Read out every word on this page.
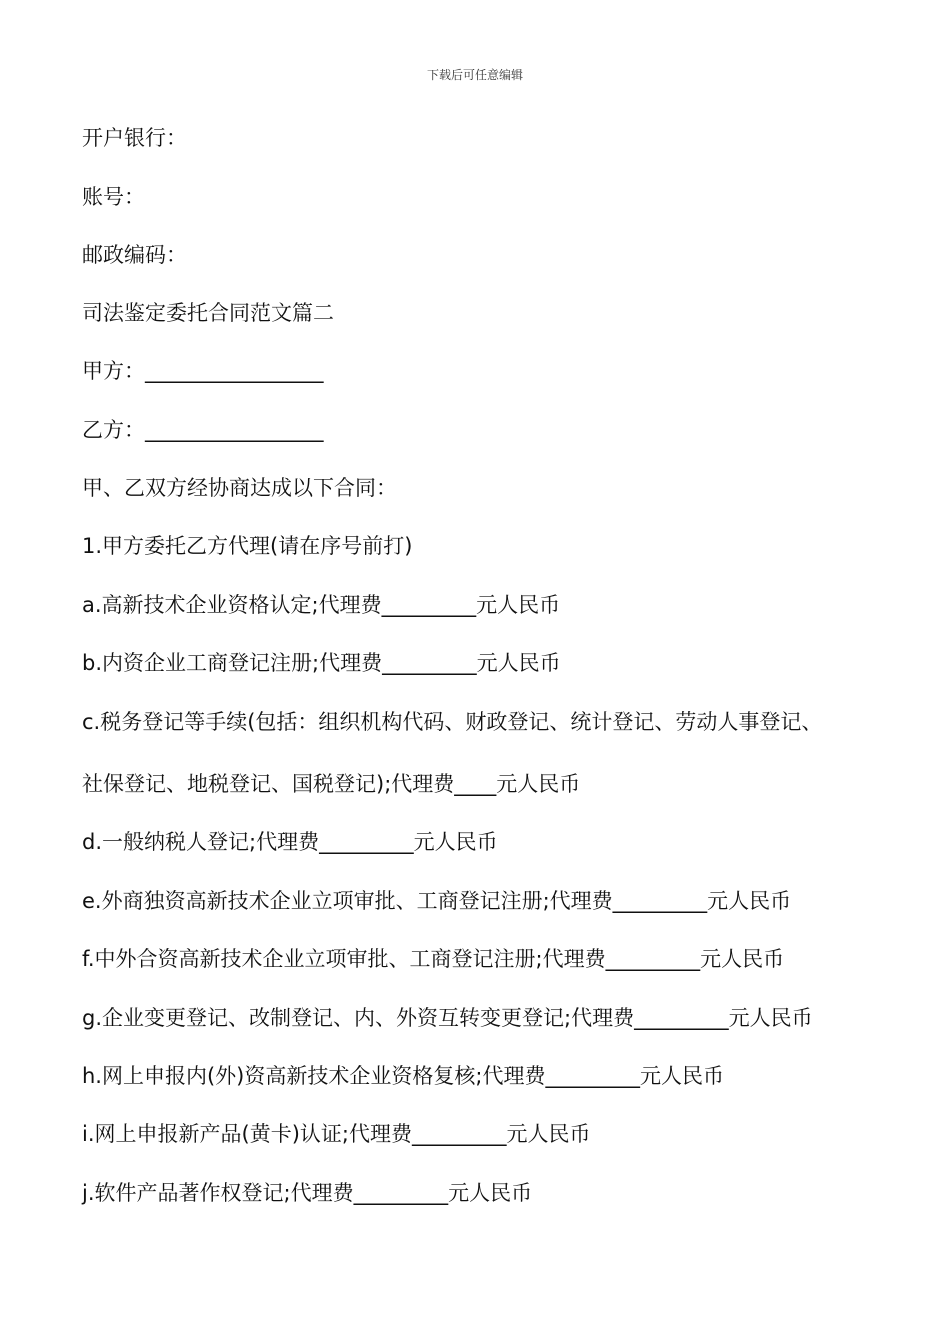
下载后可任意编辑
开户银行：
账号：
邮政编码：
司法鉴定委托合同范文篇二
甲方：_________________
乙方：_________________
甲、乙双方经协商达成以下合同：
1.甲方委托乙方代理(请在序号前打)
a.高新技术企业资格认定;代理费_________元人民币
b.内资企业工商登记注册;代理费_________元人民币
c.税务登记等手续(包括：组织机构代码、财政登记、统计登记、劳动人事登记、
社保登记、地税登记、国税登记);代理费____元人民币
d.一般纳税人登记;代理费_________元人民币
e.外商独资高新技术企业立项审批、工商登记注册;代理费_________元人民币
f.中外合资高新技术企业立项审批、工商登记注册;代理费_________元人民币
g.企业变更登记、改制登记、内、外资互转变更登记;代理费_________元人民币
h.网上申报内(外)资高新技术企业资格复核;代理费_________元人民币
i.网上申报新产品(黄卡)认证;代理费_________元人民币
j.软件产品著作权登记;代理费_________元人民币
